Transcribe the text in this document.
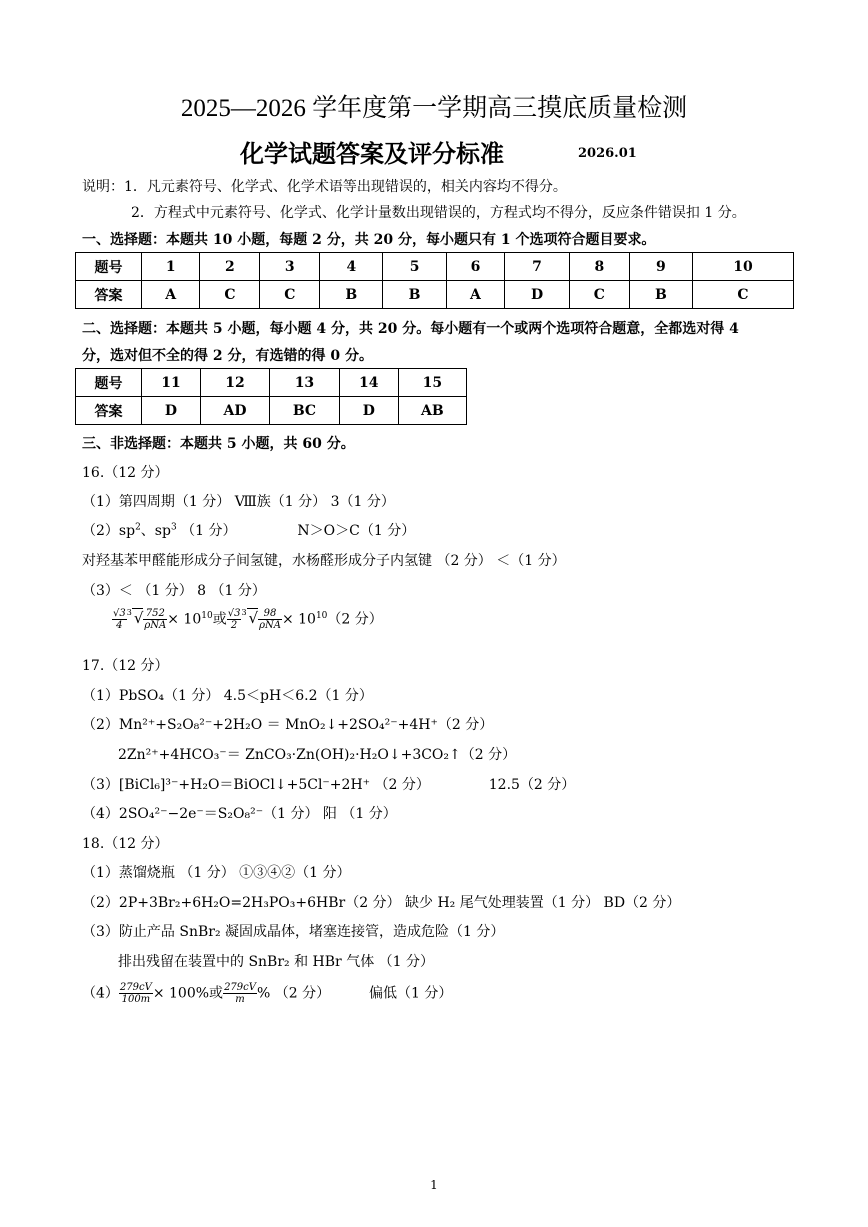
2025—2026 学年度第一学期高三摸底质量检测
化学试题答案及评分标准	2026.01
说明：1．凡元素符号、化学式、化学术语等出现错误的，相关内容均不得分。
2．方程式中元素符号、化学式、化学计量数出现错误的，方程式均不得分，反应条件错误扣 1 分。
一、选择题：本题共 10 小题，每题 2 分，共 20 分，每小题只有 1 个选项符合题目要求。
题号	1	2	3	4	5	6	7	8	9	10
答案	A	C	C	B	B	A	D	C	B	C
二、选择题：本题共 5 小题，每小题 4 分，共 20 分。每小题有一个或两个选项符合题意，全都选对得 4
分，选对但不全的得 2 分，有选错的得 0 分。
题号	11	12	13	14	15
答案	D	AD	BC	D	AB
三、非选择题：本题共 5 小题，共 60 分。
16.（12 分）
（1）第四周期（1 分） Ⅷ族（1 分） 3（1 分）
$(2)sp^2$、$sp^3$ （1 分）	N＞O＞C（1 分）
对羟基苯甲醛能形成分子间氢键，水杨醛形成分子内氢键 （2 分） ＜（1 分）
（3）＜ （1 分） 8 （1 分）
$\frac{√3}{4} ^3$ √ $\frac{752}{\text{ρNA}} \times 10^{10}$或 $\frac{√3}{2} ^3$ √ $\frac{98}{\text{ρNA}} \times 10^{10}(2$ 分）
17.（12 分）
（1）PbSO₄（1 分） 4.5＜pH＜6.2（1 分）
（2）Mn²⁺+S₂O₈²⁻+2H₂O ＝ MnO₂↓+2SO₄²⁻+4H⁺（2 分）
2Zn²⁺+4HCO₃⁻＝ ZnCO₃·Zn(OH)₂·H₂O↓+3CO₂↑（2 分）
（3）[BiCl₆]³⁻+H₂O＝BiOCl↓+5Cl⁻+2H⁺ （2 分）	12.5（2 分）
（4）2SO₄²⁻−2e⁻＝S₂O₈²⁻（1 分） 阳 （1 分）
18.（12 分）
（1）蒸馏烧瓶 （1 分） ①③④②（1 分）
（2）2P+3Br₂+6H₂O=2H₃PO₃+6HBr（2 分） 缺少 H₂ 尾气处理装置（1 分） BD（2 分）
（3）防止产品 SnBr₂ 凝固成晶体，堵塞连接管，造成危险（1 分）
排出残留在装置中的 SnBr₂ 和 HBr 气体 （1 分）
$(4) \frac{279cV}{100m} \times 100\%$或 $\frac{279cV}{m}$ % （2 分）	偏低（1 分）
1
